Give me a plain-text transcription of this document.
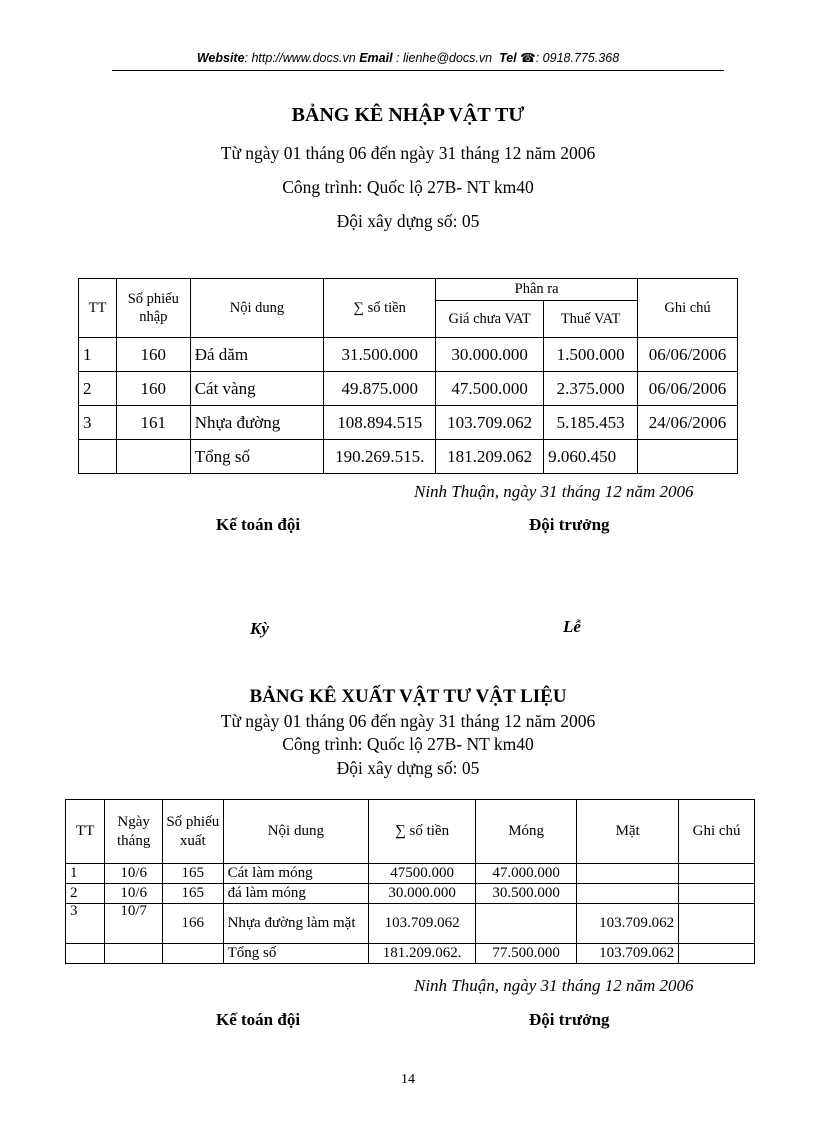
Website: http://www.docs.vn Email : lienhe@docs.vn Tel ☎: 0918.775.368
BẢNG KÊ NHẬP VẬT TƯ
Từ ngày 01 tháng 06 đến ngày 31 tháng 12 năm 2006
Công trình: Quốc lộ 27B- NT km40
Đội xây dựng số: 05
TT	Số phiếu nhập	Nội dung	∑ số tiền	Phân ra		Ghi chú
				Giá chưa VAT	Thuế VAT	
1	160	Đá dăm	31.500.000	30.000.000	1.500.000	06/06/2006
2	160	Cát vàng	49.875.000	47.500.000	2.375.000	06/06/2006
3	161	Nhựa đường	108.894.515	103.709.062	5.185.453	24/06/2006
		Tổng số	190.269.515.	181.209.062	9.060.450	
Ninh Thuận, ngày 31 tháng 12 năm 2006
Kế toán đội	Đội trưởng
Kỳ	Lễ
BẢNG KÊ XUẤT VẬT TƯ VẬT LIỆU
Từ ngày 01 tháng 06 đến ngày 31 tháng 12 năm 2006
Công trình: Quốc lộ 27B- NT km40
Đội xây dựng số: 05
TT	Ngày tháng	Số phiếu xuất	Nội dung	∑ số tiền	Móng	Mặt	Ghi chú
1	10/6	165	Cát làm móng	47500.000	47.000.000		
2	10/6	165	đá làm móng	30.000.000	30.500.000		
3	10/7	166	Nhựa đường làm mặt	103.709.062		103.709.062	
			Tổng số	181.209.062.	77.500.000	103.709.062	
Ninh Thuận, ngày 31 tháng 12 năm 2006
Kế toán đội	Đội trưởng
14
